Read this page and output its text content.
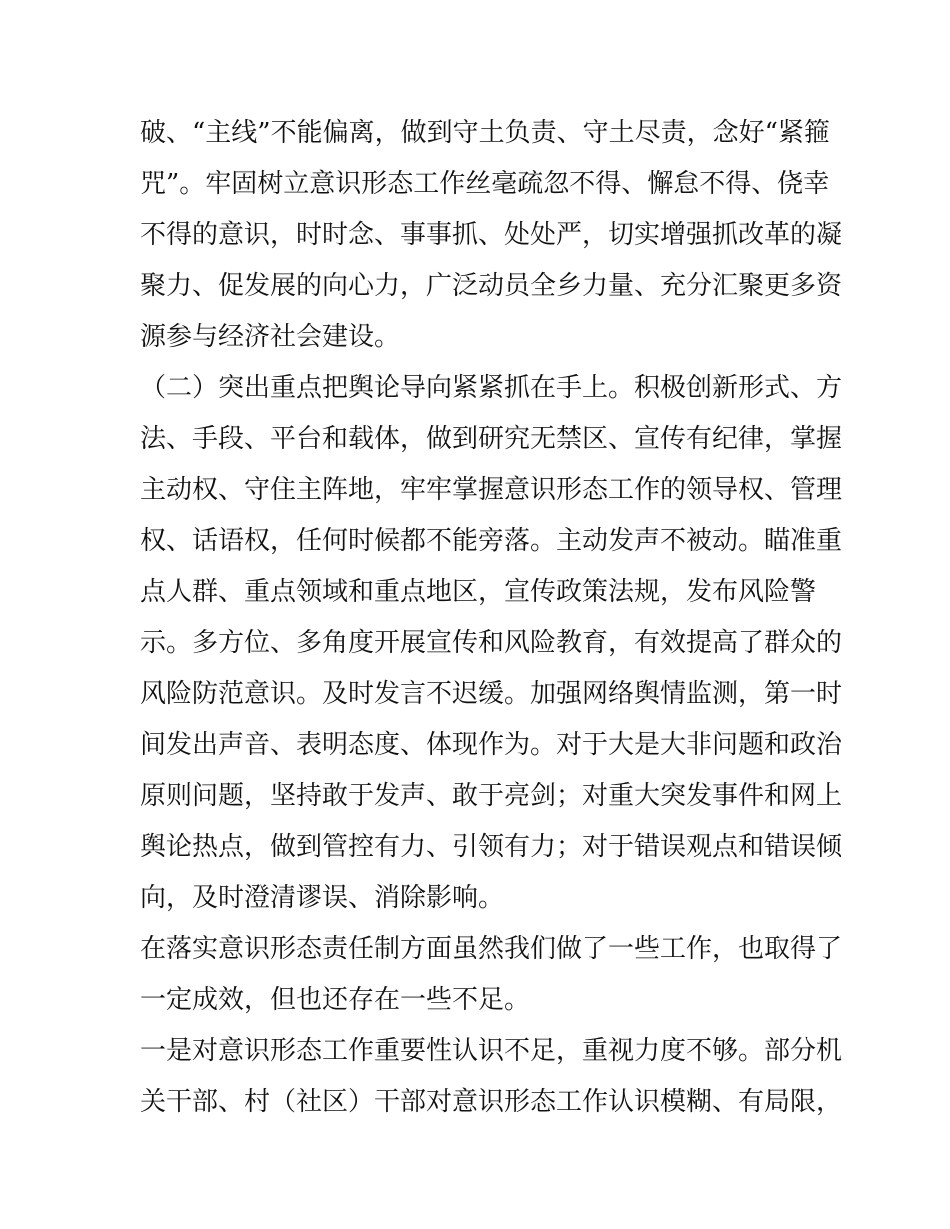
破、“主线”不能偏离，做到守土负责、守土尽责，念好“紧箍
咒”。牢固树立意识形态工作丝毫疏忽不得、懈怠不得、侥幸
不得的意识，时时念、事事抓、处处严，切实增强抓改革的凝
聚力、促发展的向心力，广泛动员全乡力量、充分汇聚更多资
源参与经济社会建设。
（二）突出重点把舆论导向紧紧抓在手上。积极创新形式、方
法、手段、平台和载体，做到研究无禁区、宣传有纪律，掌握
主动权、守住主阵地，牢牢掌握意识形态工作的领导权、管理
权、话语权，任何时候都不能旁落。主动发声不被动。瞄准重
点人群、重点领域和重点地区，宣传政策法规，发布风险警
示。多方位、多角度开展宣传和风险教育，有效提高了群众的
风险防范意识。及时发言不迟缓。加强网络舆情监测，第一时
间发出声音、表明态度、体现作为。对于大是大非问题和政治
原则问题，坚持敢于发声、敢于亮剑；对重大突发事件和网上
舆论热点，做到管控有力、引领有力；对于错误观点和错误倾
向，及时澄清谬误、消除影响。
在落实意识形态责任制方面虽然我们做了一些工作，也取得了
一定成效，但也还存在一些不足。
一是对意识形态工作重要性认识不足，重视力度不够。部分机
关干部、村（社区）干部对意识形态工作认识模糊、有局限，
